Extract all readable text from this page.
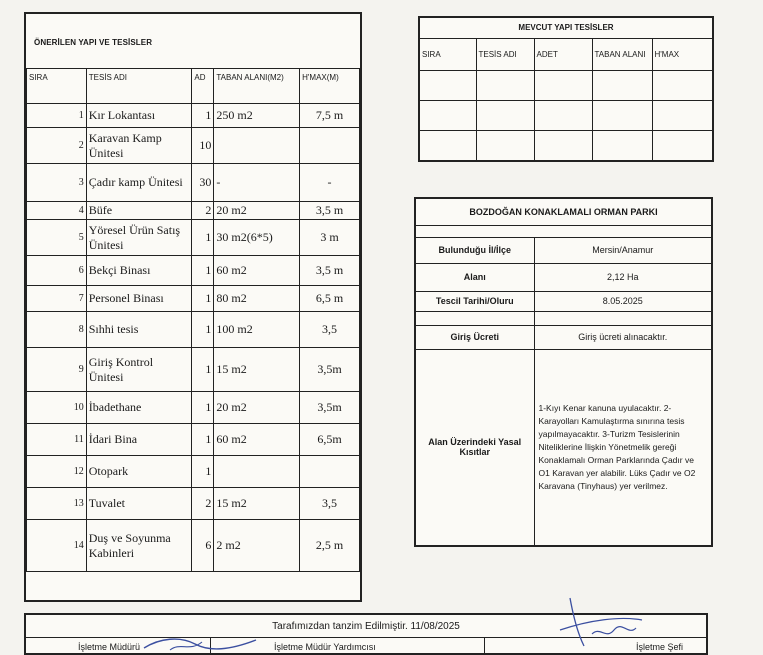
ÖNERİLEN YAPI VE TESİSLER
SIRA	TESİS ADI	AD	TABAN ALANI(M2)	H'MAX(M)
1	Kır Lokantası	1	250 m2	7,5 m
2	Karavan Kamp Ünitesi	10		
3	Çadır kamp Ünitesi	30	-	-
4	Büfe	2	20 m2	3,5 m
5	Yöresel Ürün Satış Ünitesi	1	30 m2(6*5)	3 m
6	Bekçi Binası	1	60 m2	3,5 m
7	Personel Binası	1	80 m2	6,5 m
8	Sıhhi tesis	1	100 m2	3,5
9	Giriş Kontrol Ünitesi	1	15 m2	3,5m
10	İbadethane	1	20 m2	3,5m
11	İdari Bina	1	60 m2	6,5m
12	Otopark	1		
13	Tuvalet	2	15 m2	3,5
14	Duş ve Soyunma Kabinleri	6	2 m2	2,5 m
MEVCUT YAPI TESİSLER				
SIRA	TESİS ADI	ADET	TABAN ALANI	H'MAX

BOZDOĞAN KONAKLAMALI ORMAN PARKI	

Bulunduğu İl/İlçe	Mersin/Anamur
Alanı	2,12 Ha
Tescil Tarihi/Oluru	8.05.2025

Giriş Ücreti	Giriş ücreti alınacaktır.
Alan Üzerindeki Yasal Kısıtlar	1-Kıyı Kenar kanuna uyulacaktır. 2- Karayolları Kamulaştırma sınırına tesis yapılmayacaktır. 3-Turizm Tesislerinin Niteliklerine İlişkin Yönetmelik gereği Konaklamalı Orman Parklarında Çadır ve O1 Karavan yer alabilir. Lüks Çadır ve O2 Karavana (Tinyhaus) yer verilmez.
Tarafımızdan tanzim Edilmiştir. 11/08/2025
İşletme Müdürü	İşletme Müdür Yardımcısı	İşletme Şefi
